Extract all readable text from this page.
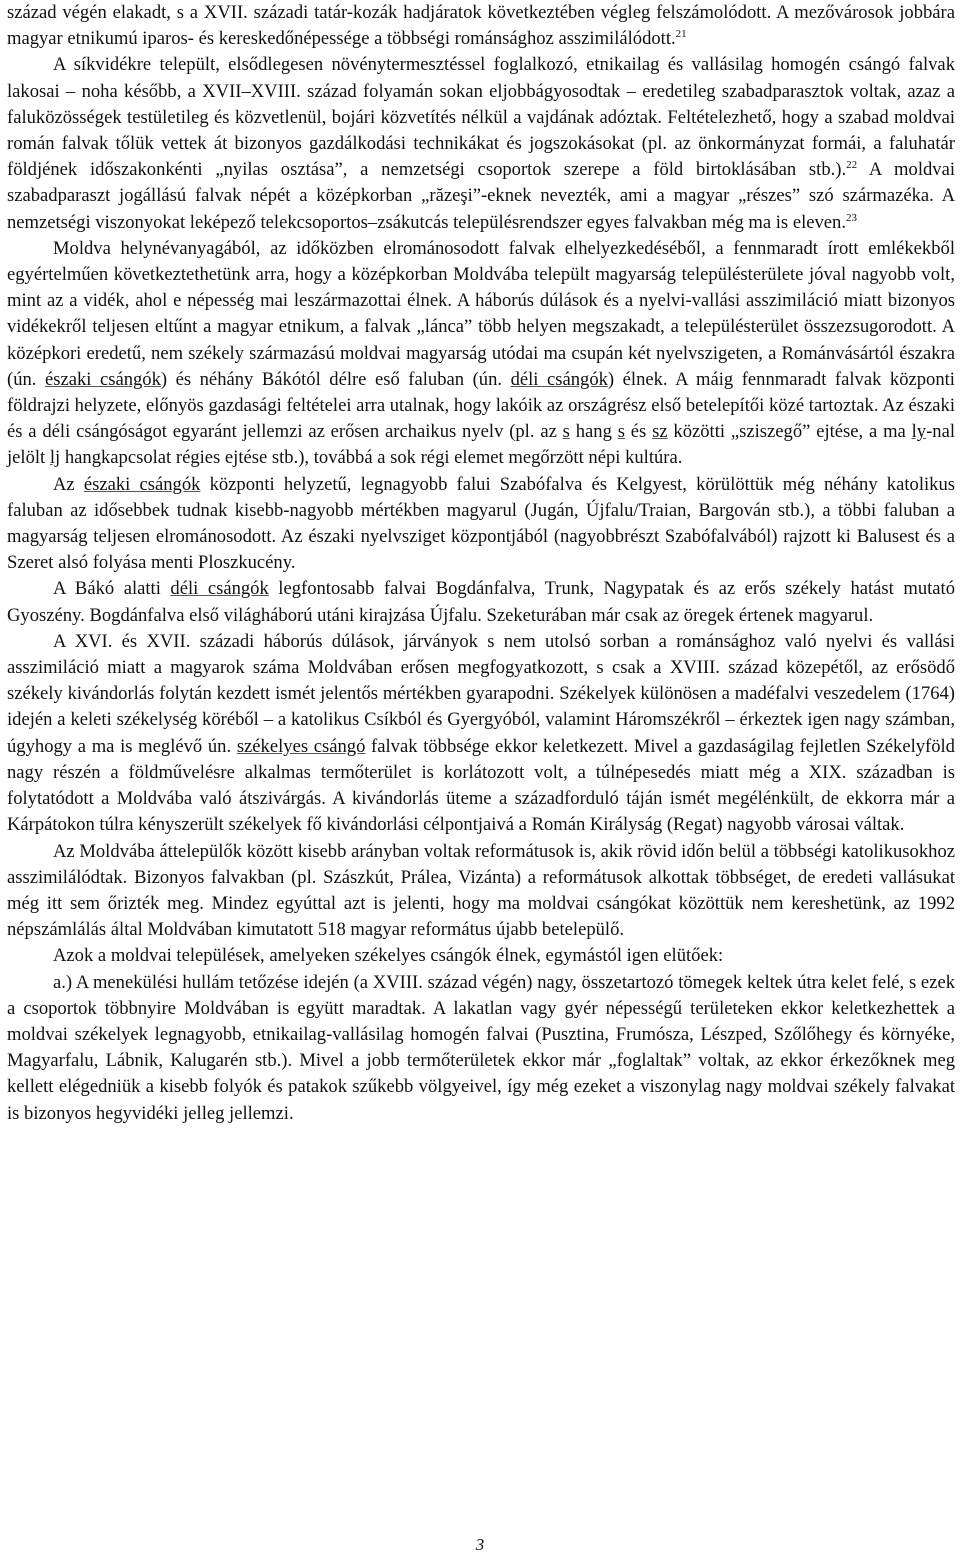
század végén elakadt, s a XVII. századi tatár-kozák hadjáratok következtében végleg felszámolódott. A mezővárosok jobbára magyar etnikumú iparos- és kereskedőnépessége a többségi románsághoz asszimilálódott.$^{21}$

A síkvidékre települt, elsődlegesen növénytermesztéssel foglalkozó, etnikailag és vallásilag homogén csángó falvak lakosai – noha később, a XVII–XVIII. század folyamán sokan eljobbágyosodtak – eredetileg szabadparasztok voltak, azaz a faluközösségek testületileg és közvetlenül, bojári közvetítés nélkül a vajdának adóztak. Feltételezhető, hogy a szabad moldvai román falvak tőlük vettek át bizonyos gazdálkodási technikákat és jogszokásokat (pl. az önkormányzat formái, a faluhatár földjének időszakonkénti „nyilas osztása”, a nemzetségi csoportok szerepe a föld birtoklásában stb.).$^{22}$ A moldvai szabadparaszt jogállású falvak népét a középkorban „răzeşi”-eknek nevezték, ami a magyar „részes” szó származéka. A nemzetségi viszonyokat leképező telekcsoportos–zsákutcás településrendszer egyes falvakban még ma is eleven.$^{23}$

Moldva helynévanyagából, az időközben elrománosodott falvak elhelyezkedéséből, a fennmaradt írott emlékekből egyértelműen következtethetünk arra, hogy a középkorban Moldvába települt magyarság településterülete jóval nagyobb volt, mint az a vidék, ahol e népesség mai leszármazottai élnek. A háborús dúlások és a nyelvi-vallási asszimiláció miatt bizonyos vidékekről teljesen eltűnt a magyar etnikum, a falvak „lánca” több helyen megszakadt, a településterület összezsugorodott. A középkori eredetű, nem székely származású moldvai magyarság utódai ma csupán két nyelvszigeten, a Románvásártól északra (ún. északi csángók) és néhány Bákótól délre eső faluban (ún. déli csángók) élnek. A máig fennmaradt falvak központi földrajzi helyzete, előnyös gazdasági feltételei arra utalnak, hogy lakóik az országrész első betelepítői közé tartoztak. Az északi és a déli csángóságot egyaránt jellemzi az erősen archaikus nyelv (pl. az s hang s és sz közötti „sziszegő” ejtése, a ma ly-nal jelölt lj hangkapcsolat régies ejtése stb.), továbbá a sok régi elemet megőrzött népi kultúra.

Az északi csángók központi helyzetű, legnagyobb falui Szabófalva és Kelgyest, körülöttük még néhány katolikus faluban az idősebbek tudnak kisebb-nagyobb mértékben magyarul (Jugán, Újfalu/Traian, Bargován stb.), a többi faluban a magyarság teljesen elrománosodott. Az északi nyelvsziget központjából (nagyobbrészt Szabófalvából) rajzott ki Balusest és a Szeret alsó folyása menti Ploszkucény.

A Bákó alatti déli csángók legfontosabb falvai Bogdánfalva, Trunk, Nagypatak és az erős székely hatást mutató Gyoszény. Bogdánfalva első világháború utáni kirajzása Újfalu. Szeketurában már csak az öregek értenek magyarul.

A XVI. és XVII. századi háborús dúlások, járványok s nem utolsó sorban a románsághoz való nyelvi és vallási asszimiláció miatt a magyarok száma Moldvában erősen megfogyatkozott, s csak a XVIII. század közepétől, az erősödő székely kivándorlás folytán kezdett ismét jelentős mértékben gyarapodni. Székelyek különösen a madéfalvi veszedelem (1764) idején a keleti székelység köréből – a katolikus Csíkból és Gyergyóból, valamint Háromszékről – érkeztek igen nagy számban, úgyhogy a ma is meglévő ún. székelyes csángó falvak többsége ekkor keletkezett. Mivel a gazdaságilag fejletlen Székelyföld nagy részén a földművelésre alkalmas termőterület is korlátozott volt, a túlnépesedés miatt még a XIX. században is folytatódott a Moldvába való átszivárgás. A kivándorlás üteme a századforduló táján ismét megélénkült, de ekkorra már a Kárpátokon túlra kényszerült székelyek fő kivándorlási célpontjaivá a Román Királyság (Regat) nagyobb városai váltak.

Az Moldvába áttelepülők között kisebb arányban voltak reformátusok is, akik rövid időn belül a többségi katolikusokhoz asszimilálódtak. Bizonyos falvakban (pl. Szászkút, Prálea, Vizánta) a reformátusok alkottak többséget, de eredeti vallásukat még itt sem őrizték meg. Mindez egyúttal azt is jelenti, hogy ma moldvai csángókat közöttük nem kereshetünk, az 1992 népszámlálás által Moldvában kimutatott 518 magyar református újabb betelepülő.

Azok a moldvai települések, amelyeken székelyes csángók élnek, egymástól igen elütőek:

a.) A menekülési hullám tetőzése idején (a XVIII. század végén) nagy, összetartozó tömegek keltek útra kelet felé, s ezek a csoportok többnyire Moldvában is együtt maradtak. A lakatlan vagy gyér népességű területeken ekkor keletkezhettek a moldvai székelyek legnagyobb, etnikailag-vallásilag homogén falvai (Pusztina, Frumósza, Lészped, Szőlőhegy és környéke, Magyarfalu, Lábnik, Kalugarén stb.). Mivel a jobb termőterületek ekkor már „foglaltak” voltak, az ekkor érkezőknek meg kellett elégedniük a kisebb folyók és patakok szűkebb völgyeivel, így még ezeket a viszonylag nagy moldvai székely falvakat is bizonyos hegyvidéki jelleg jellemzi.

3
